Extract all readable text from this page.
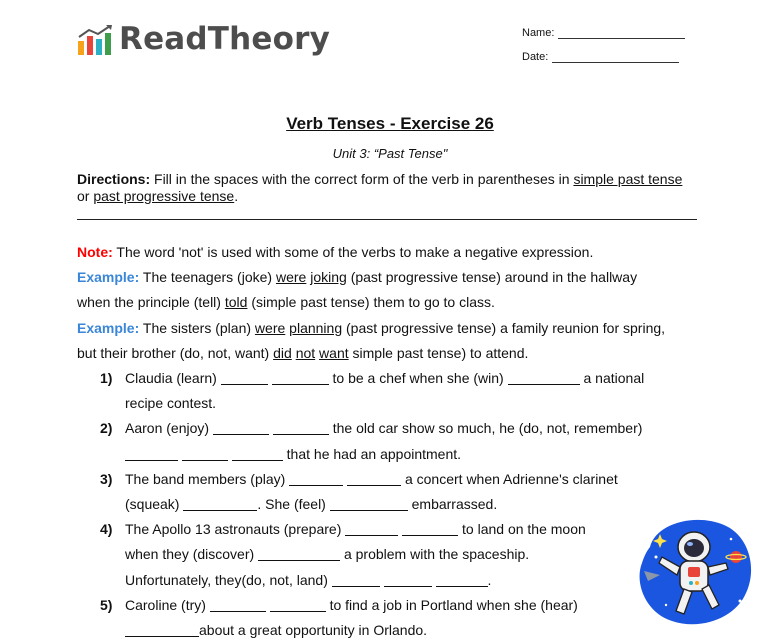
ReadTheory	Name:
Date:
Verb Tenses - Exercise 26
Unit 3: “Past Tense"
Directions: Fill in the spaces with the correct form of the verb in parentheses in simple past tense or past progressive tense.

Note: The word 'not' is used with some of the verbs to make a negative expression.

Example: The teenagers (joke) were joking (past progressive tense) around in the hallway

when the principle (tell) told (simple past tense) them to go to class.

Example: The sisters (plan) were planning (past progressive tense) a family reunion for spring,

but their brother (do, not, want) did not want simple past tense) to attend.

1) Claudia (learn)	to be a chef when she (win)	a national

recipe contest.

2) Aaron (enjoy)	the old car show so much, he (do, not, remember)

that he had an appointment.

3) The band members (play)	a concert when Adrienne's clarinet

(squeak)	. She (feel)	embarrassed.

4) The Apollo 13 astronauts (prepare)	to land on the moon

when they (discover)	a problem with the spaceship.

Unfortunately, they(do, not, land)	.

5) Caroline (try)	to find a job in Portland when she (hear)

about a great opportunity in Orlando.
